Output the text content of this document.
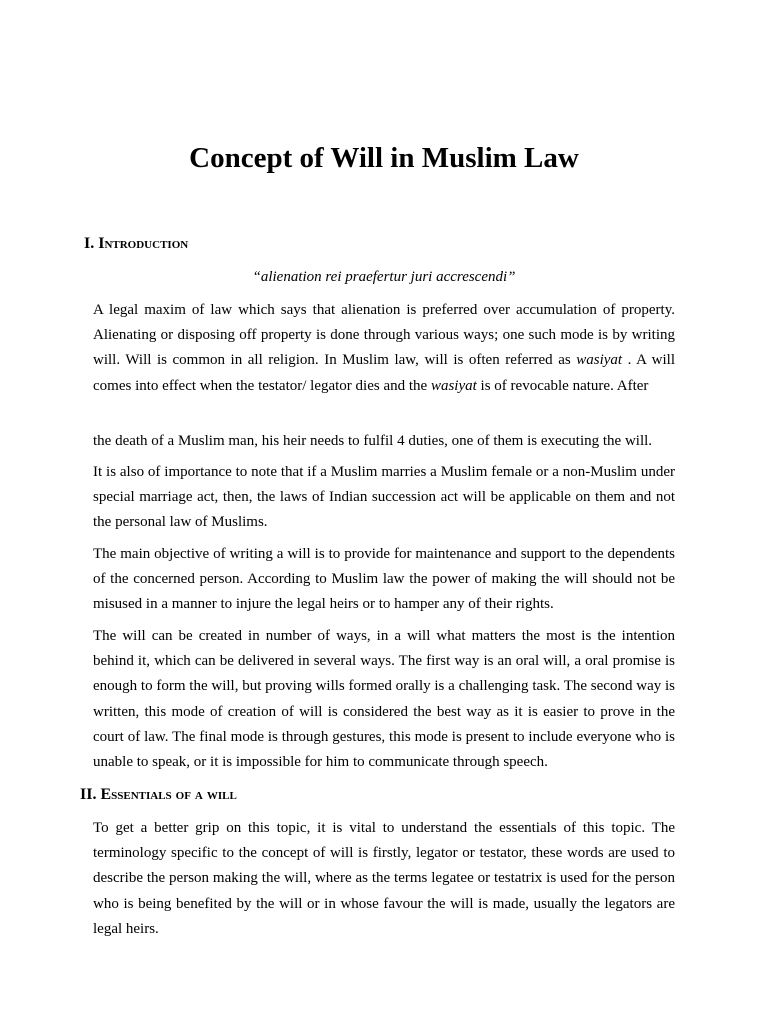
Concept of Will in Muslim Law
I. Introduction

“alienation rei praefertur juri accrescendi”

A legal maxim of law which says that alienation is preferred over accumulation of property. Alienating or disposing off property is done through various ways; one such mode is by writing will. Will is common in all religion. In Muslim law, will is often referred as wasiyat . A will comes into effect when the testator/ legator dies and the wasiyat is of revocable nature. After

the death of a Muslim man, his heir needs to fulfil 4 duties, one of them is executing the will.

It is also of importance to note that if a Muslim marries a Muslim female or a non-Muslim under special marriage act, then, the laws of Indian succession act will be applicable on them and not the personal law of Muslims.

The main objective of writing a will is to provide for maintenance and support to the dependents of the concerned person. According to Muslim law the power of making the will should not be misused in a manner to injure the legal heirs or to hamper any of their rights.

The will can be created in number of ways, in a will what matters the most is the intention behind it, which can be delivered in several ways. The first way is an oral will, a oral promise is enough to form the will, but proving wills formed orally is a challenging task. The second way is written, this mode of creation of will is considered the best way as it is easier to prove in the court of law. The final mode is through gestures, this mode is present to include everyone who is unable to speak, or it is impossible for him to communicate through speech.

II. Essentials of a will

To get a better grip on this topic, it is vital to understand the essentials of this topic. The terminology specific to the concept of will is firstly, legator or testator, these words are used to describe the person making the will, where as the terms legatee or testatrix is used for the person who is being benefited by the will or in whose favour the will is made, usually the legators are legal heirs.
